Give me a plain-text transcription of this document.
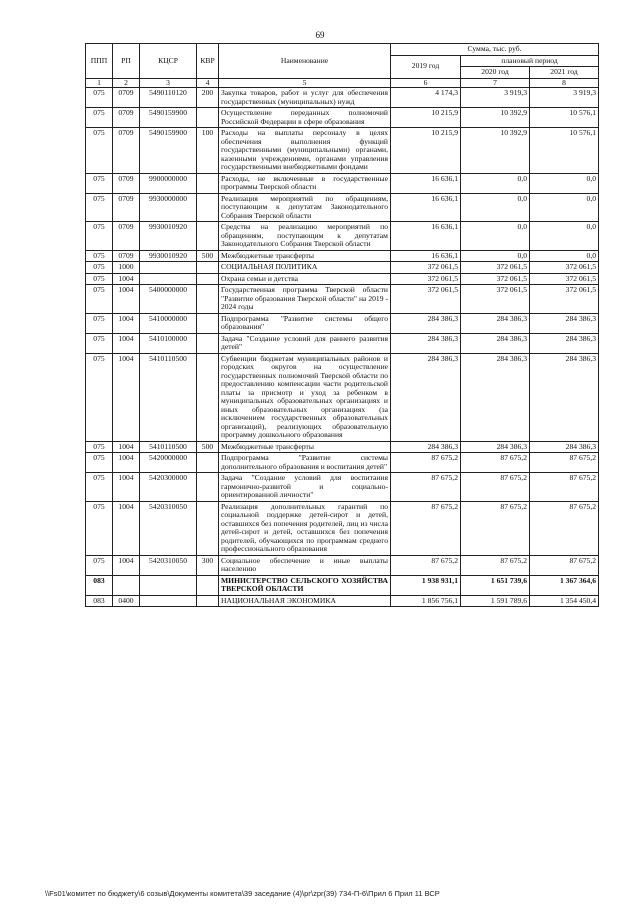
69
ППП	РП	КЦСР	КВР	Наименование	Сумма, тыс. руб.		
					2019 год	плановый период	
						2020 год	2021 год
1	2	3	4	5	6	7	8
075	0709	5490110120	200	Закупка товаров, работ и услуг для обеспечения государственных (муниципальных) нужд	4 174,3	3 919,3	3 919,3
075	0709	5490159900		Осуществление переданных полномочий Российской Федерации в сфере образования	10 215,9	10 392,9	10 576,1
075	0709	5490159900	100	Расходы на выплаты персоналу в целях обеспечения выполнения функций государственными (муниципальными) органами, казенными учреждениями, органами управления государственными внебюджетными фондами	10 215,9	10 392,9	10 576,1
075	0709	9900000000		Расходы, не включенные в государственные программы Тверской области	16 636,1	0,0	0,0
075	0709	9930000000		Реализация мероприятий по обращениям, поступающим к депутатам Законодательного Собрания Тверской области	16 636,1	0,0	0,0
075	0709	9930010920		Средства на реализацию мероприятий по обращениям, поступающим к депутатам Законодательного Собрания Тверской области	16 636,1	0,0	0,0
075	0709	9930010920	500	Межбюджетные трансферты	16 636,1	0,0	0,0
075	1000			СОЦИАЛЬНАЯ ПОЛИТИКА	372 061,5	372 061,5	372 061,5
075	1004			Охрана семьи и детства	372 061,5	372 061,5	372 061,5
075	1004	5400000000		Государственная программа Тверской области "Развитие образования Тверской области" на 2019 - 2024 годы	372 061,5	372 061,5	372 061,5
075	1004	5410000000		Подпрограмма "Развитие системы общего образования"	284 386,3	284 386,3	284 386,3
075	1004	5410100000		Задача "Создание условий для раннего развития детей"	284 386,3	284 386,3	284 386,3
075	1004	5410110500		Субвенции бюджетам муниципальных районов и городских округов на осуществление государственных полномочий Тверской области по предоставлению компенсации части родительской платы за присмотр и уход за ребенком в муниципальных образовательных организациях и иных образовательных организациях (за исключением государственных образовательных организаций), реализующих образовательную программу дошкольного образования	284 386,3	284 386,3	284 386,3
075	1004	5410110500	500	Межбюджетные трансферты	284 386,3	284 386,3	284 386,3
075	1004	5420000000		Подпрограмма "Развитие системы дополнительного образования и воспитания детей"	87 675,2	87 675,2	87 675,2
075	1004	5420300000		Задача "Создание условий для воспитания гармонично-развитой и социально-ориентированной личности"	87 675,2	87 675,2	87 675,2
075	1004	5420310050		Реализация дополнительных гарантий по социальной поддержке детей-сирот и детей, оставшихся без попечения родителей, лиц из числа детей-сирот и детей, оставшихся без попечения родителей, обучающихся по программам среднего профессионального образования	87 675,2	87 675,2	87 675,2
075	1004	5420310050	300	Социальное обеспечение и иные выплаты населению	87 675,2	87 675,2	87 675,2
083				МИНИСТЕРСТВО СЕЛЬСКОГО ХОЗЯЙСТВА ТВЕРСКОЙ ОБЛАСТИ	1 938 931,1	1 651 739,6	1 367 364,6
083	0400			НАЦИОНАЛЬНАЯ ЭКОНОМИКА	1 856 756,1	1 591 789,6	1 354 450,4
\\Fs01\комитет по бюджету\6 созыв\Документы комитета\39 заседание (4)\рг\zpr(39) 734-П-6\Прил 6 Прил 11 ВСР
